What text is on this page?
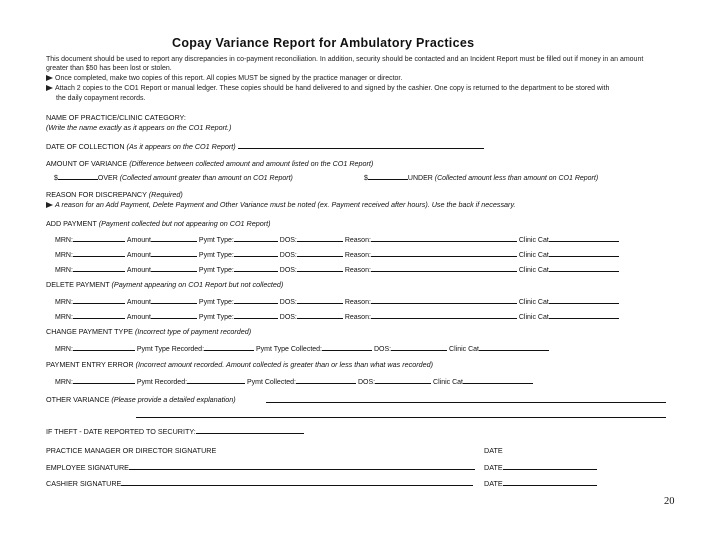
Copay Variance Report for Ambulatory Practices
This document should be used to report any discrepancies in co-payment reconciliation. In addition, security should be contacted and an Incident Report must be filled out if money in an amount
greater than $50 has been lost or stolen.
Once completed, make two copies of this report. All copies MUST be signed by the practice manager or director.
Attach 2 copies to the CO1 Report or manual ledger. These copies should be hand delivered to and signed by the cashier. One copy is returned to the department to be stored with
the daily copayment records.
NAME OF PRACTICE/CLINIC CATEGORY:
(Write the name exactly as it appears on the CO1 Report.)
DATE OF COLLECTION (As it appears on the CO1 Report)
AMOUNT OF VARIANCE (Difference between collected amount and amount listed on the CO1 Report)
$	OVER (Collected amount greater than amount on CO1 Report)	$	UNDER (Collected amount less than amount on CO1 Report)
REASON FOR DISCREPANCY (Required)
A reason for an Add Payment, Delete Payment and Other Variance must be noted (ex. Payment received after hours). Use the back if necessary.
ADD PAYMENT (Payment collected but not appearing on CO1 Report)
MRN:	Amount	Pymt Type:	DOS:	Reason:	Clinic Cat
MRN:	Amount	Pymt Type:	DOS:	Reason:	Clinic Cat
MRN:	Amount	Pymt Type:	DOS:	Reason:	Clinic Cat
DELETE PAYMENT (Payment appearing on CO1 Report but not collected)
MRN:	Amount	Pymt Type:	DOS:	Reason:	Clinic Cat
MRN:	Amount	Pymt Type:	DOS:	Reason:	Clinic Cat
CHANGE PAYMENT TYPE (Incorrect type of payment recorded)
MRN:	Pymt Type Recorded:	Pymt Type Collected:	DOS:	Clinic Cat
PAYMENT ENTRY ERROR (Incorrect amount recorded. Amount collected is greater than or less than what was recorded)
MRN:	Pymt Recorded:	Pymt Collected:	DOS:	Clinic Cat
OTHER VARIANCE (Please provide a detailed explanation)
IF THEFT - DATE REPORTED TO SECURITY:
PRACTICE MANAGER OR DIRECTOR SIGNATURE	DATE
EMPLOYEE SIGNATURE	DATE
CASHIER SIGNATURE	DATE
20
